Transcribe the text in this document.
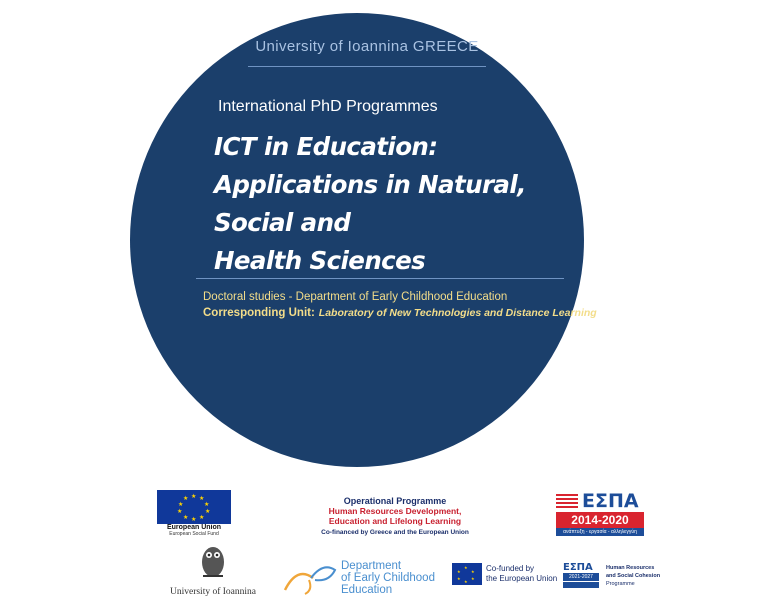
University of Ioannina GREECE
International PhD Programmes
ICT in Education:
Applications in Natural,
Social and
Health Sciences
Doctoral studies - Department of Early Childhood Education
Corresponding Unit: Laboratory of New Technologies and Distance Learning
★ ★
★
★
★
★
★
★
★
★
European Union
European Social Fund
Operational Programme
Human Resources Development,
Education and Lifelong Learning
Co-financed by Greece and the European Union
ΕΣΠΑ
2014-2020
ανάπτυξη - εργασία - αλληλεγγύη
University of Ioannina
Department
of Early Childhood
Education
★
★
★
★
★
★	Co-funded by
the European Union
ΕΣΠΑ
2021-2027
Human Resources
and Social Cohesion
Programme
